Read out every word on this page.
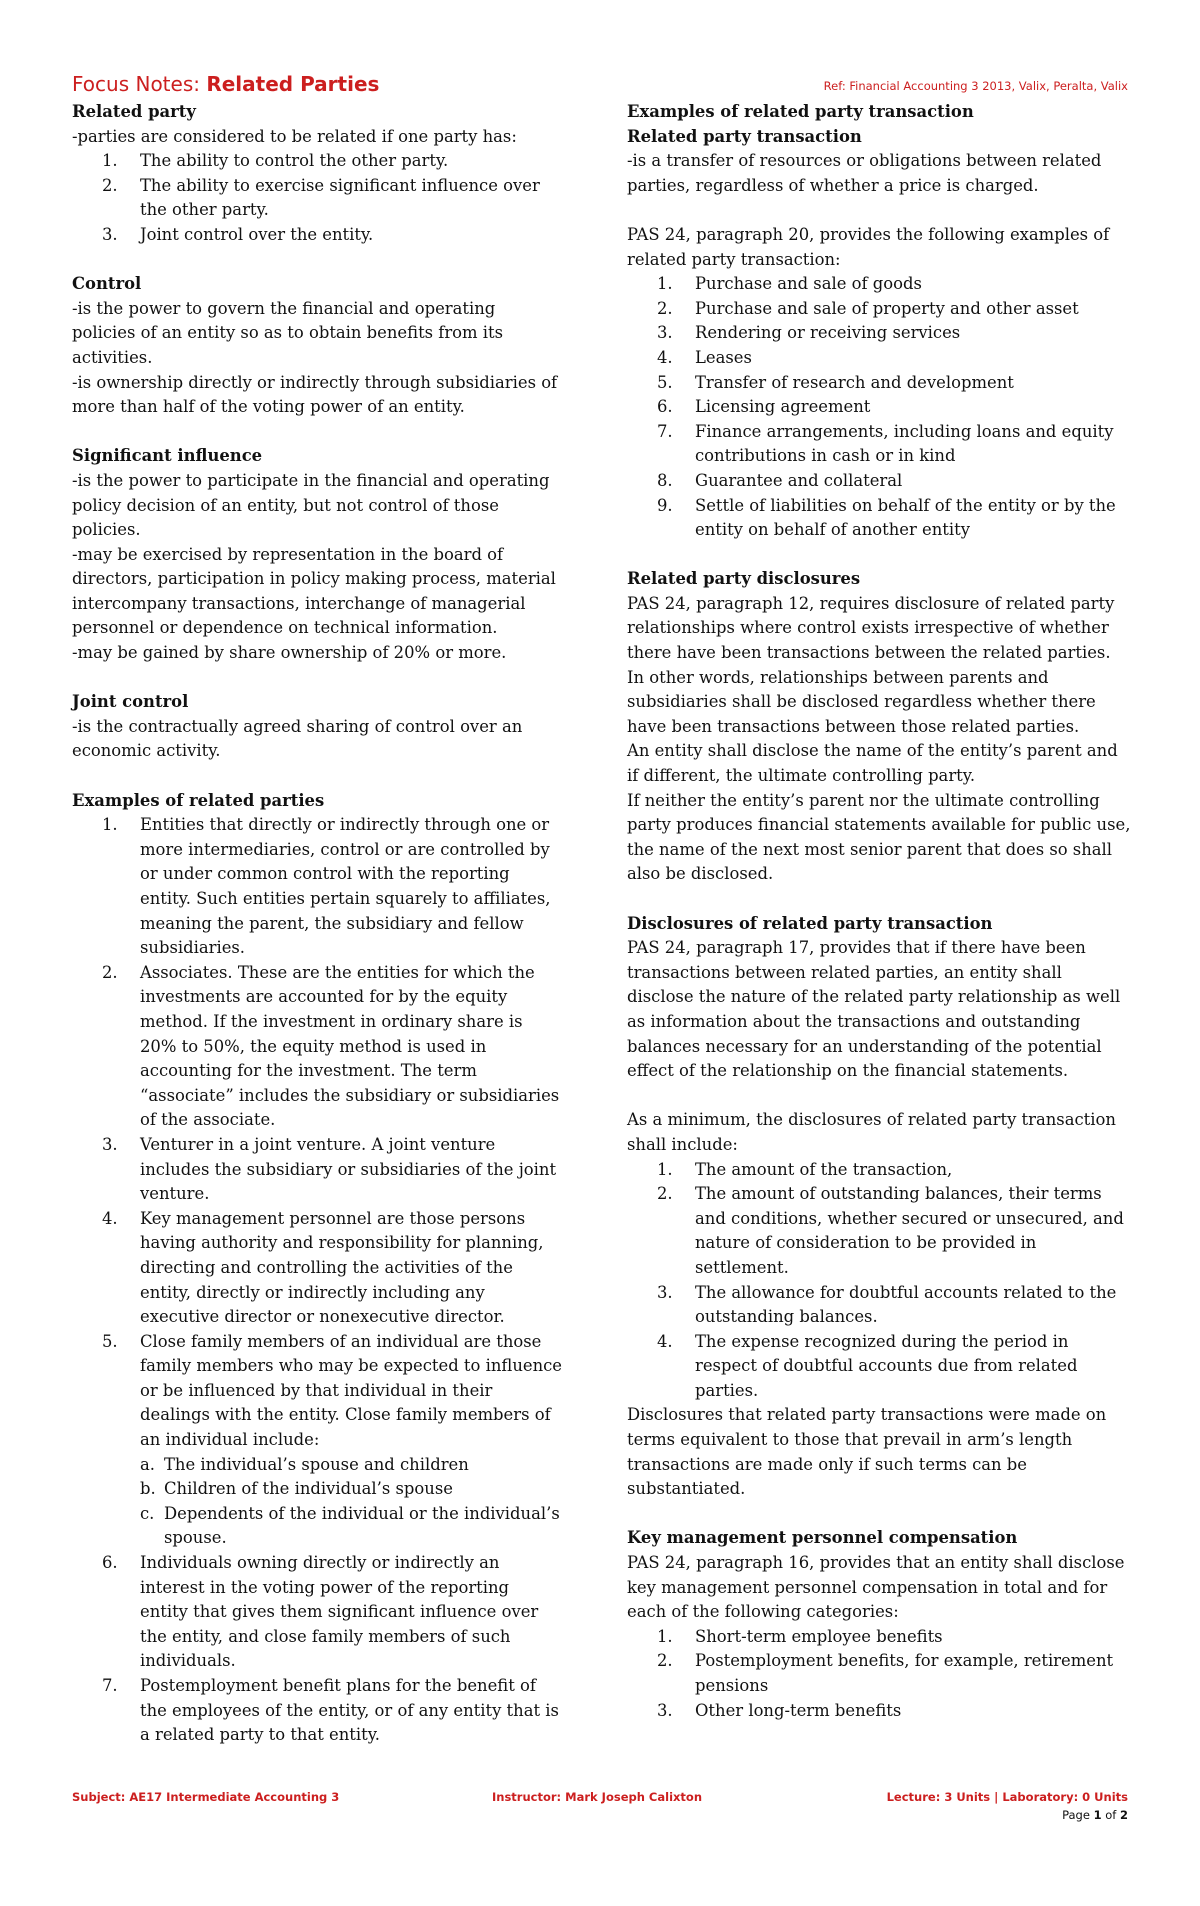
Focus Notes: Related Parties	Ref: Financial Accounting 3 2013, Valix, Peralta, Valix
Related party

-parties are considered to be related if one party has:

1.	The ability to control the other party.
2.	The ability to exercise significant influence over the other party.
3.	Joint control over the entity.
Control

-is the power to govern the financial and operating policies of an entity so as to obtain benefits from its activities.

-is ownership directly or indirectly through subsidiaries of more than half of the voting power of an entity.

Significant influence

-is the power to participate in the financial and operating policy decision of an entity, but not control of those policies.

-may be exercised by representation in the board of directors, participation in policy making process, material intercompany transactions, interchange of managerial personnel or dependence on technical information.

-may be gained by share ownership of 20% or more.

Joint control

-is the contractually agreed sharing of control over an economic activity.

Examples of related parties
1.	Entities that directly or indirectly through one or more intermediaries, control or are controlled by or under common control with the reporting entity. Such entities pertain squarely to affiliates, meaning the parent, the subsidiary and fellow subsidiaries.
2.	Associates. These are the entities for which the investments are accounted for by the equity method. If the investment in ordinary share is 20% to 50%, the equity method is used in accounting for the investment. The term “associate” includes the subsidiary or subsidiaries of the associate.
3.	Venturer in a joint venture. A joint venture includes the subsidiary or subsidiaries of the joint venture.
4.	Key management personnel are those persons having authority and responsibility for planning, directing and controlling the activities of the entity, directly or indirectly including any executive director or nonexecutive director.
5.	Close family members of an individual are those family members who may be expected to influence or be influenced by that individual in their dealings with the entity. Close family members of an individual include:
a. The individual’s spouse and children
b. Children of the individual’s spouse
c. Dependents of the individual or the individual’s spouse.
6.	Individuals owning directly or indirectly an interest in the voting power of the reporting entity that gives them significant influence over the entity, and close family members of such individuals.
7.	Postemployment benefit plans for the benefit of the employees of the entity, or of any entity that is a related party to that entity.
Examples of related party transaction
Related party transaction

-is a transfer of resources or obligations between related parties, regardless of whether a price is charged.

PAS 24, paragraph 20, provides the following examples of related party transaction:

1.	Purchase and sale of goods
2.	Purchase and sale of property and other asset
3.	Rendering or receiving services
4.	Leases
5.	Transfer of research and development
6.	Licensing agreement
7.	Finance arrangements, including loans and equity contributions in cash or in kind
8.	Guarantee and collateral
9.	Settle of liabilities on behalf of the entity or by the entity on behalf of another entity
Related party disclosures

PAS 24, paragraph 12, requires disclosure of related party relationships where control exists irrespective of whether there have been transactions between the related parties.

In other words, relationships between parents and subsidiaries shall be disclosed regardless whether there have been transactions between those related parties.

An entity shall disclose the name of the entity’s parent and if different, the ultimate controlling party.

If neither the entity’s parent nor the ultimate controlling party produces financial statements available for public use, the name of the next most senior parent that does so shall also be disclosed.

Disclosures of related party transaction

PAS 24, paragraph 17, provides that if there have been transactions between related parties, an entity shall disclose the nature of the related party relationship as well as information about the transactions and outstanding balances necessary for an understanding of the potential effect of the relationship on the financial statements.

As a minimum, the disclosures of related party transaction shall include:

1.	The amount of the transaction,
2.	The amount of outstanding balances, their terms and conditions, whether secured or unsecured, and nature of consideration to be provided in settlement.
3.	The allowance for doubtful accounts related to the outstanding balances.
4.	The expense recognized during the period in respect of doubtful accounts due from related parties.

Disclosures that related party transactions were made on terms equivalent to those that prevail in arm’s length transactions are made only if such terms can be substantiated.

Key management personnel compensation

PAS 24, paragraph 16, provides that an entity shall disclose key management personnel compensation in total and for each of the following categories:

1.	Short-term employee benefits
2.	Postemployment benefits, for example, retirement pensions
3.	Other long-term benefits
Subject: AE17 Intermediate Accounting 3	Instructor: Mark Joseph Calixton	Lecture: 3 Units | Laboratory: 0 Units
Page 1 of 2
